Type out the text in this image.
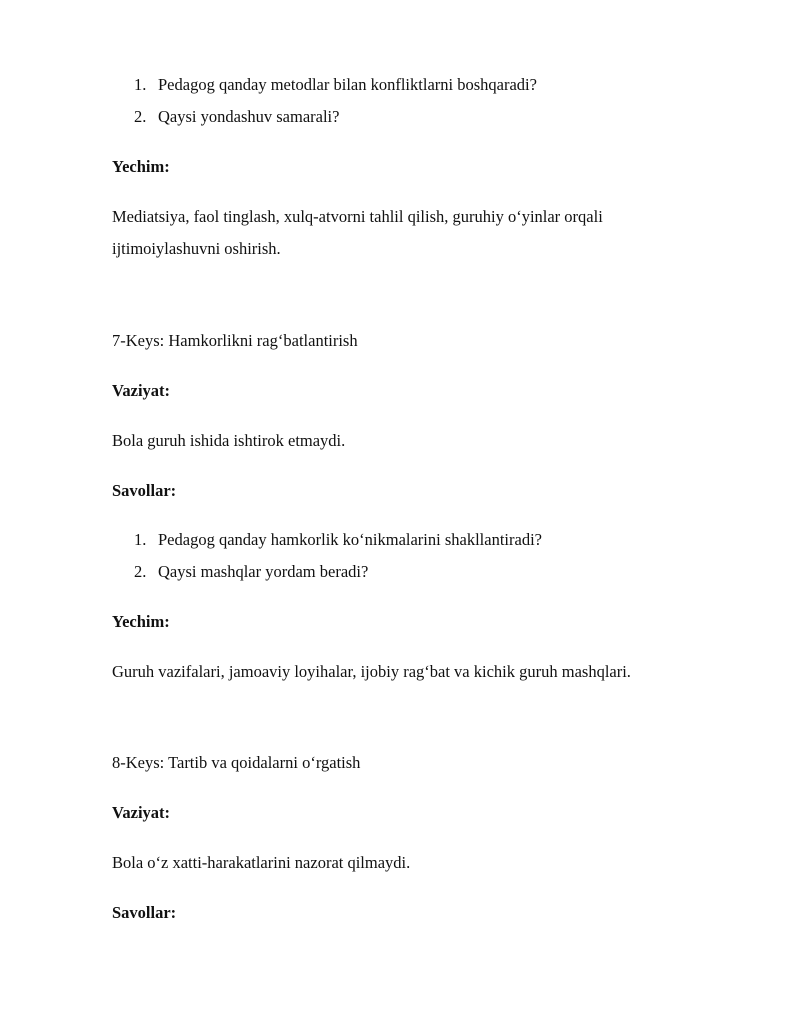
1. Pedagog qanday metodlar bilan konfliktlarni boshqaradi?
2. Qaysi yondashuv samarali?
Yechim:
Mediatsiya, faol tinglash, xulq-atvorni tahlil qilish, guruhiy o‘yinlar orqali
ijtimoiylashuvni oshirish.
7-Keys: Hamkorlikni rag‘batlantirish
Vaziyat:
Bola guruh ishida ishtirok etmaydi.
Savollar:
1. Pedagog qanday hamkorlik ko‘nikmalarini shakllantiradi?
2. Qaysi mashqlar yordam beradi?
Yechim:
Guruh vazifalari, jamoaviy loyihalar, ijobiy rag‘bat va kichik guruh mashqlari.
8-Keys: Tartib va qoidalarni o‘rgatish
Vaziyat:
Bola o‘z xatti-harakatlarini nazorat qilmaydi.
Savollar:
